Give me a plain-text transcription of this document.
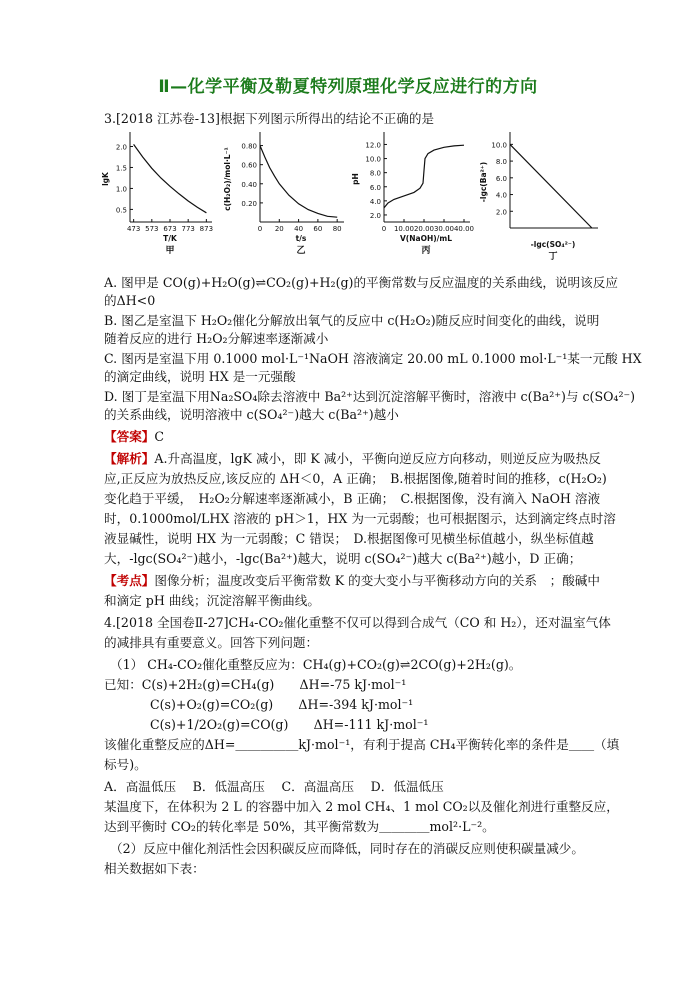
Ⅱ—化学平衡及勒夏特列原理化学反应进行的方向
3.[2018 江苏卷-13]根据下列图示所得出的结论不正确的是
0.5
1.0
1.5
2.0
473 573 673 773 873
T/K
lgK
甲
0.20
0.40
0.60
0.80
0 20 40 60 80
t/s
c(H₂O₂)/mol·L⁻¹
乙
2.0
4.0
6.0
8.0
10.0
12.0
0 10.00 20.00 30.00 40.00
V(NaOH)/mL
pH
丙
2.0
4.0
6.0
8.0
10.0
-lgc(SO₄²⁻)
-lgc(Ba²⁺)
丁
A. 图甲是 CO(g)+H₂O(g)⇌CO₂(g)+H₂(g)的平衡常数与反应温度的关系曲线，说明该反应
的ΔH<0
B. 图乙是室温下 H₂O₂催化分解放出氧气的反应中 c(H₂O₂)随反应时间变化的曲线，说明
随着反应的进行 H₂O₂分解速率逐渐减小
C. 图丙是室温下用 0.1000 mol·L⁻¹NaOH 溶液滴定 20.00 mL 0.1000 mol·L⁻¹某一元酸 HX
的滴定曲线，说明 HX 是一元强酸
D. 图丁是室温下用Na₂SO₄除去溶液中 Ba²⁺达到沉淀溶解平衡时，溶液中 c(Ba²⁺)与 c(SO₄²⁻)
的关系曲线，说明溶液中 c(SO₄²⁻)越大 c(Ba²⁺)越小
【答案】C
【解析】A.升高温度，lgK 减小，即 K 减小，平衡向逆反应方向移动，则逆反应为吸热反
应,正反应为放热反应,该反应的 ΔH＜0，A 正确；　B.根据图像,随着时间的推移，c(H₂O₂)
变化趋于平缓，　H₂O₂分解速率逐渐减小，B 正确；　C.根据图像，没有滴入 NaOH 溶液
时，0.1000mol/LHX 溶液的 pH＞1，HX 为一元弱酸；也可根据图示，达到滴定终点时溶
液显碱性，说明 HX 为一元弱酸；C 错误；　D.根据图像可见横坐标值越小，纵坐标值越
大，-lgc(SO₄²⁻)越小，-lgc(Ba²⁺)越大，说明 c(SO₄²⁻)越大 c(Ba²⁺)越小，D 正确；
【考点】图像分析；温度改变后平衡常数 K 的变大变小与平衡移动方向的关系　；酸碱中
和滴定 pH 曲线；沉淀溶解平衡曲线。
4.[2018 全国卷Ⅱ-27]CH₄-CO₂催化重整不仅可以得到合成气（CO 和 H₂），还对温室气体
的减排具有重要意义。回答下列问题：
（1） CH₄-CO₂催化重整反应为：CH₄(g)+CO₂(g)⇌2CO(g)+2H₂(g)。
已知：C(s)+2H₂(g)=CH₄(g)　　ΔH=-75 kJ·mol⁻¹
C(s)+O₂(g)=CO₂(g)　　ΔH=-394 kJ·mol⁻¹
C(s)+1/2O₂(g)=CO(g)　　ΔH=-111 kJ·mol⁻¹
该催化重整反应的ΔH=＿＿＿＿＿kJ·mol⁻¹，有利于提高 CH₄平衡转化率的条件是＿＿（填
标号)。
A．高温低压　 B．低温高压　 C．高温高压　 D．低温低压
某温度下，在体积为 2 L 的容器中加入 2 mol CH₄、1 mol CO₂以及催化剂进行重整反应，
达到平衡时 CO₂的转化率是 50%，其平衡常数为＿＿＿＿mol²·L⁻²。
（2）反应中催化剂活性会因积碳反应而降低，同时存在的消碳反应则使积碳量减少。
相关数据如下表：
